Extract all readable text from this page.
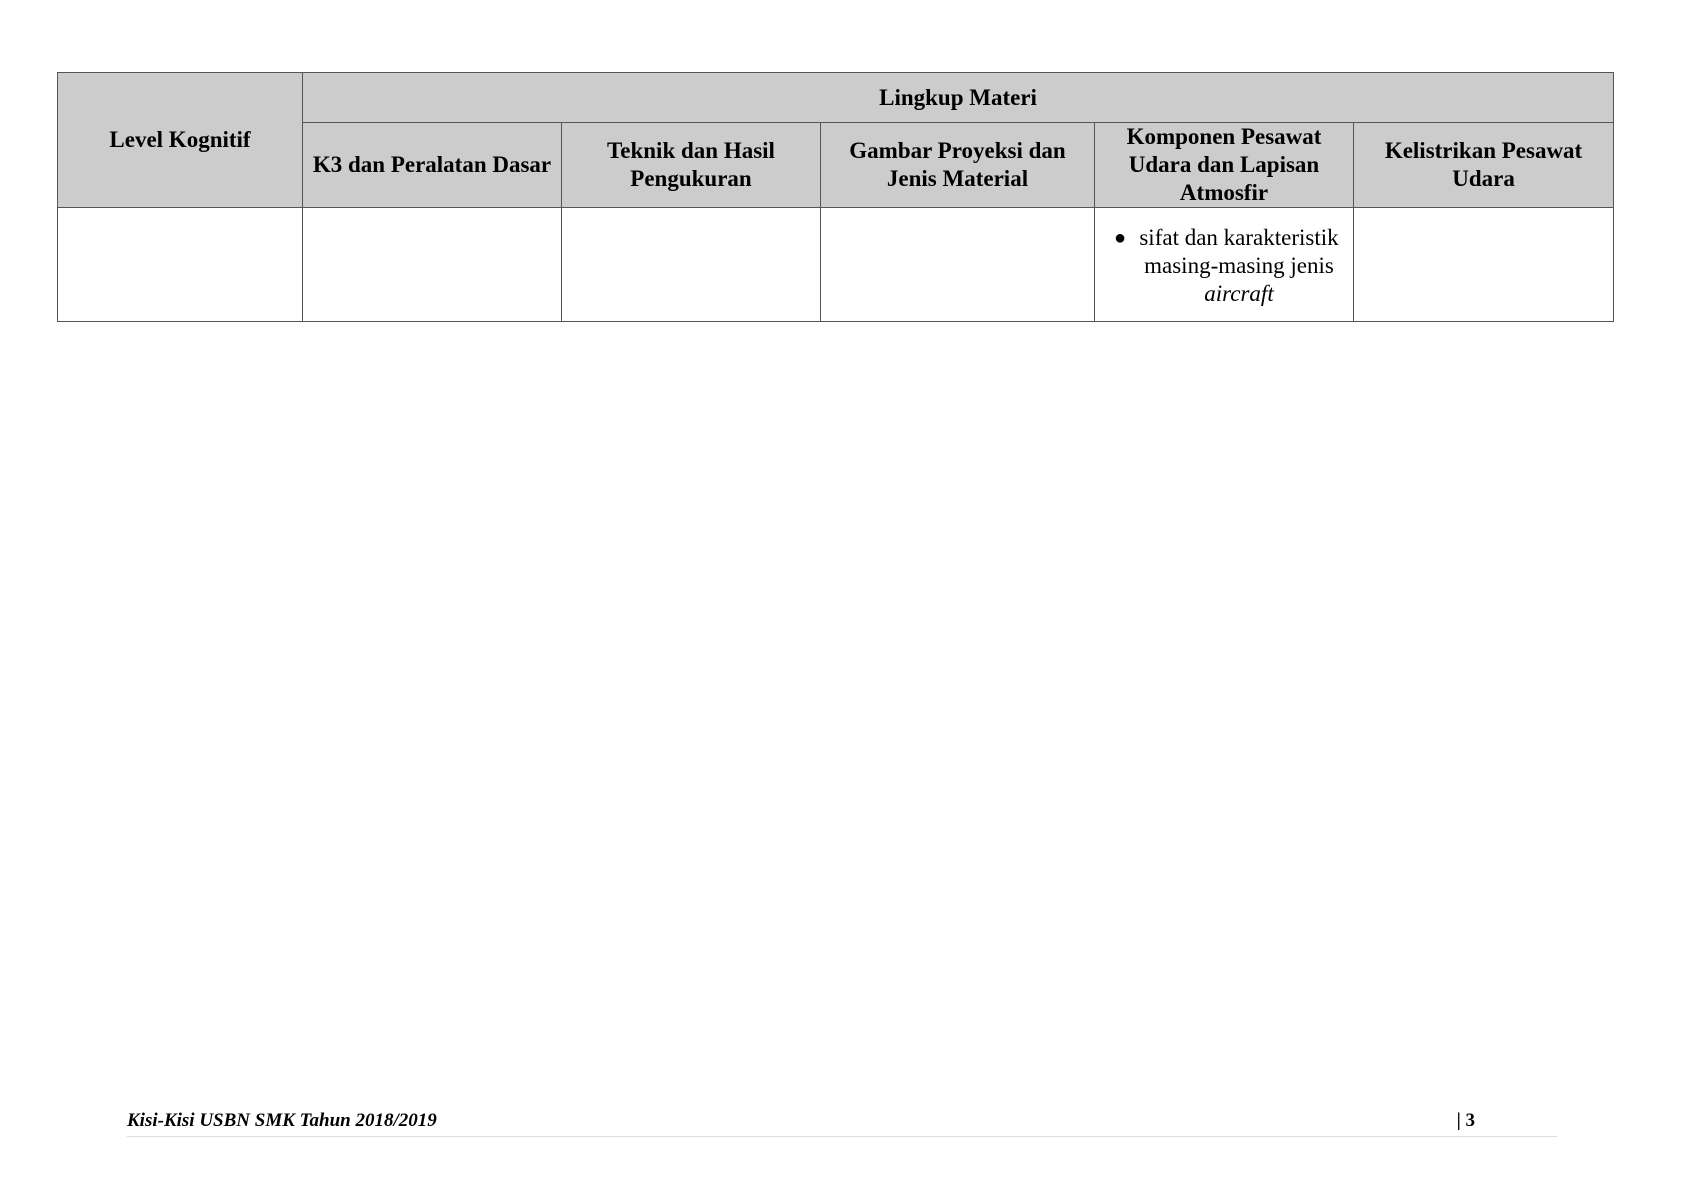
Level Kognitif	Lingkup Materi				
	K3 dan Peralatan Dasar	Teknik dan Hasil Pengukuran	Gambar Proyeksi dan Jenis Material	Komponen Pesawat Udara dan Lapisan Atmosfir	Kelistrikan Pesawat Udara

				● sifat dan karakteristik masing-masing jenis aircraft	

Kisi-Kisi USBN SMK Tahun 2018/2019	| 3
